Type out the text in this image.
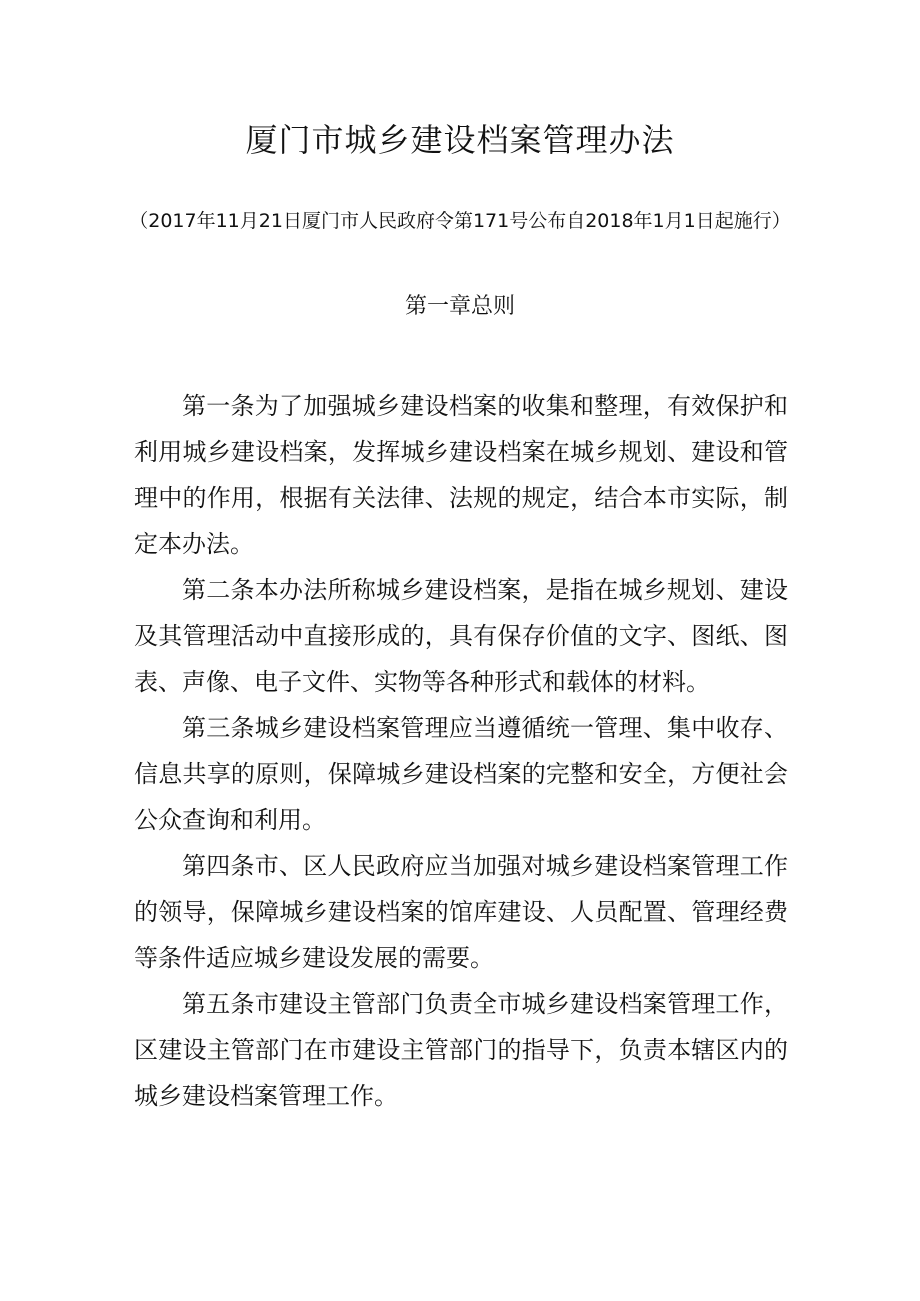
厦门市城乡建设档案管理办法

（2017年11月21日厦门市人民政府令第171号公布自2018年1月1日起施行）

第一章总则

第一条为了加强城乡建设档案的收集和整理，有效保护和利用城乡建设档案，发挥城乡建设档案在城乡规划、建设和管理中的作用，根据有关法律、法规的规定，结合本市实际，制定本办法。

第二条本办法所称城乡建设档案，是指在城乡规划、建设及其管理活动中直接形成的，具有保存价值的文字、图纸、图表、声像、电子文件、实物等各种形式和载体的材料。

第三条城乡建设档案管理应当遵循统一管理、集中收存、信息共享的原则，保障城乡建设档案的完整和安全，方便社会公众查询和利用。

第四条市、区人民政府应当加强对城乡建设档案管理工作的领导，保障城乡建设档案的馆库建设、人员配置、管理经费等条件适应城乡建设发展的需要。

第五条市建设主管部门负责全市城乡建设档案管理工作，区建设主管部门在市建设主管部门的指导下，负责本辖区内的城乡建设档案管理工作。
